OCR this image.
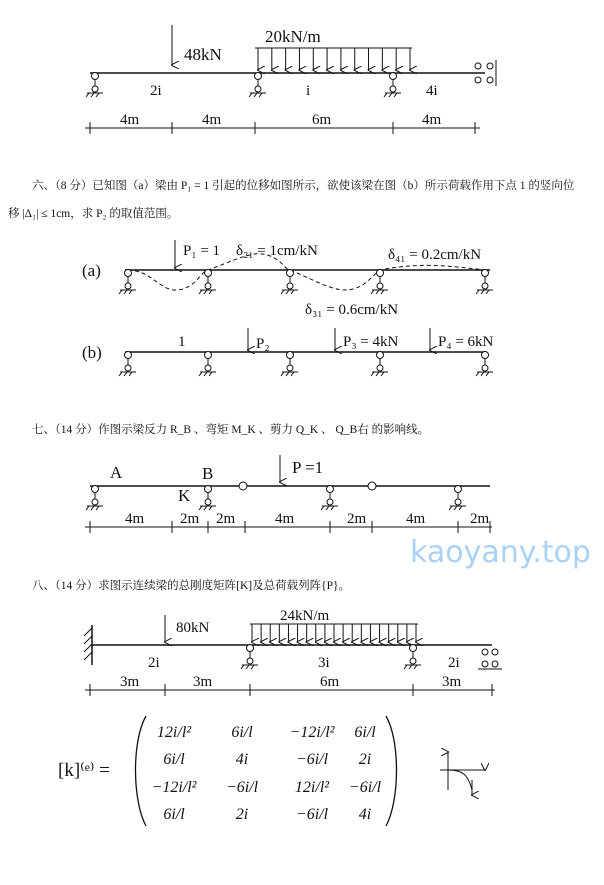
48kN
20kN/m
2i	i	4i
4m	4m	6m	4m
六、（8 分）已知图（a）梁由 P₁ = 1 引起的位移如图所示，欲使该梁在图（b）所示荷载作用下点 1 的竖向位
移 |Δ₁| ≤ 1cm，求 P₂ 的取值范围。
(a)
P₁ = 1 δ₂₁ = 1cm/kN	δ₄₁ = 0.2cm/kN
δ₃₁ = 0.6cm/kN
(b)
1	P₂	P₃ = 4kN	P₄ = 6kN
七、（14 分）作图示梁反力 R_B 、弯矩 M_K 、剪力 Q_K 、 Q_B右 的影响线。
A	B
K
P =1
4m 2m 2m	4m	2m	4m	2m
八、（14 分）求图示连续梁的总刚度矩阵[K]及总荷载列阵{P}。
80kN
24kN/m
2i	3i	2i
3m	3m	6m	3m
[k]⁽ᵉ⁾ =
12i/l²	6i/l −12i/l² 6i/l
6i/l	4i	−6i/l 2i
−12i/l² −6i/l 12i/l² −6i/l
6i/l	2i	−6i/l 4i
kaoyany.top
